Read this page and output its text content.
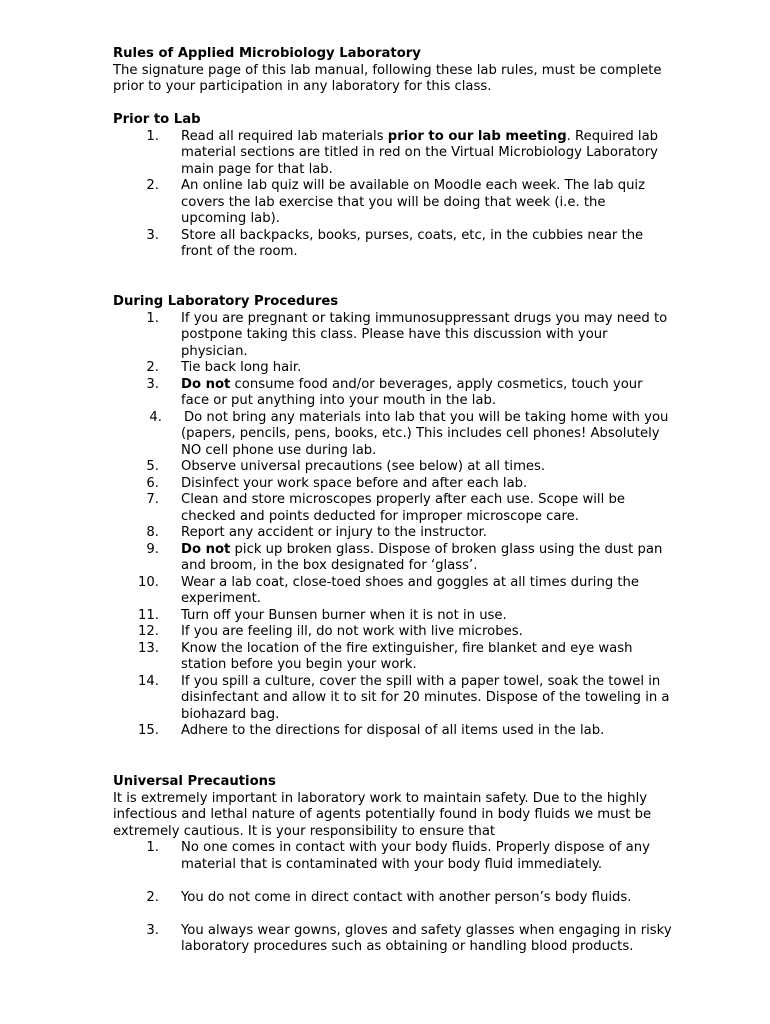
Rules of Applied Microbiology Laboratory

The signature page of this lab manual, following these lab rules, must be complete prior to your participation in any laboratory for this class.

Prior to Lab
1. Read all required lab materials prior to our lab meeting. Required lab material sections are titled in red on the Virtual Microbiology Laboratory main page for that lab.
2. An online lab quiz will be available on Moodle each week. The lab quiz covers the lab exercise that you will be doing that week (i.e. the upcoming lab).
3. Store all backpacks, books, purses, coats, etc, in the cubbies near the front of the room.
During Laboratory Procedures
1. If you are pregnant or taking immunosuppressant drugs you may need to postpone taking this class. Please have this discussion with your physician.
2. Tie back long hair.
3. Do not consume food and/or beverages, apply cosmetics, touch your face or put anything into your mouth in the lab.
4. Do not bring any materials into lab that you will be taking home with you (papers, pencils, pens, books, etc.) This includes cell phones! Absolutely NO cell phone use during lab.
5. Observe universal precautions (see below) at all times.
6. Disinfect your work space before and after each lab.
7. Clean and store microscopes properly after each use. Scope will be checked and points deducted for improper microscope care.
8. Report any accident or injury to the instructor.
9. Do not pick up broken glass. Dispose of broken glass using the dust pan and broom, in the box designated for ‘glass’.
10. Wear a lab coat, close-toed shoes and goggles at all times during the experiment.
11. Turn off your Bunsen burner when it is not in use.
12. If you are feeling ill, do not work with live microbes.
13. Know the location of the fire extinguisher, fire blanket and eye wash station before you begin your work.
14. If you spill a culture, cover the spill with a paper towel, soak the towel in disinfectant and allow it to sit for 20 minutes. Dispose of the toweling in a biohazard bag.
15. Adhere to the directions for disposal of all items used in the lab.
Universal Precautions

It is extremely important in laboratory work to maintain safety. Due to the highly infectious and lethal nature of agents potentially found in body fluids we must be extremely cautious. It is your responsibility to ensure that

1. No one comes in contact with your body fluids. Properly dispose of any material that is contaminated with your body fluid immediately.
2. You do not come in direct contact with another person’s body fluids.
3. You always wear gowns, gloves and safety glasses when engaging in risky laboratory procedures such as obtaining or handling blood products.
